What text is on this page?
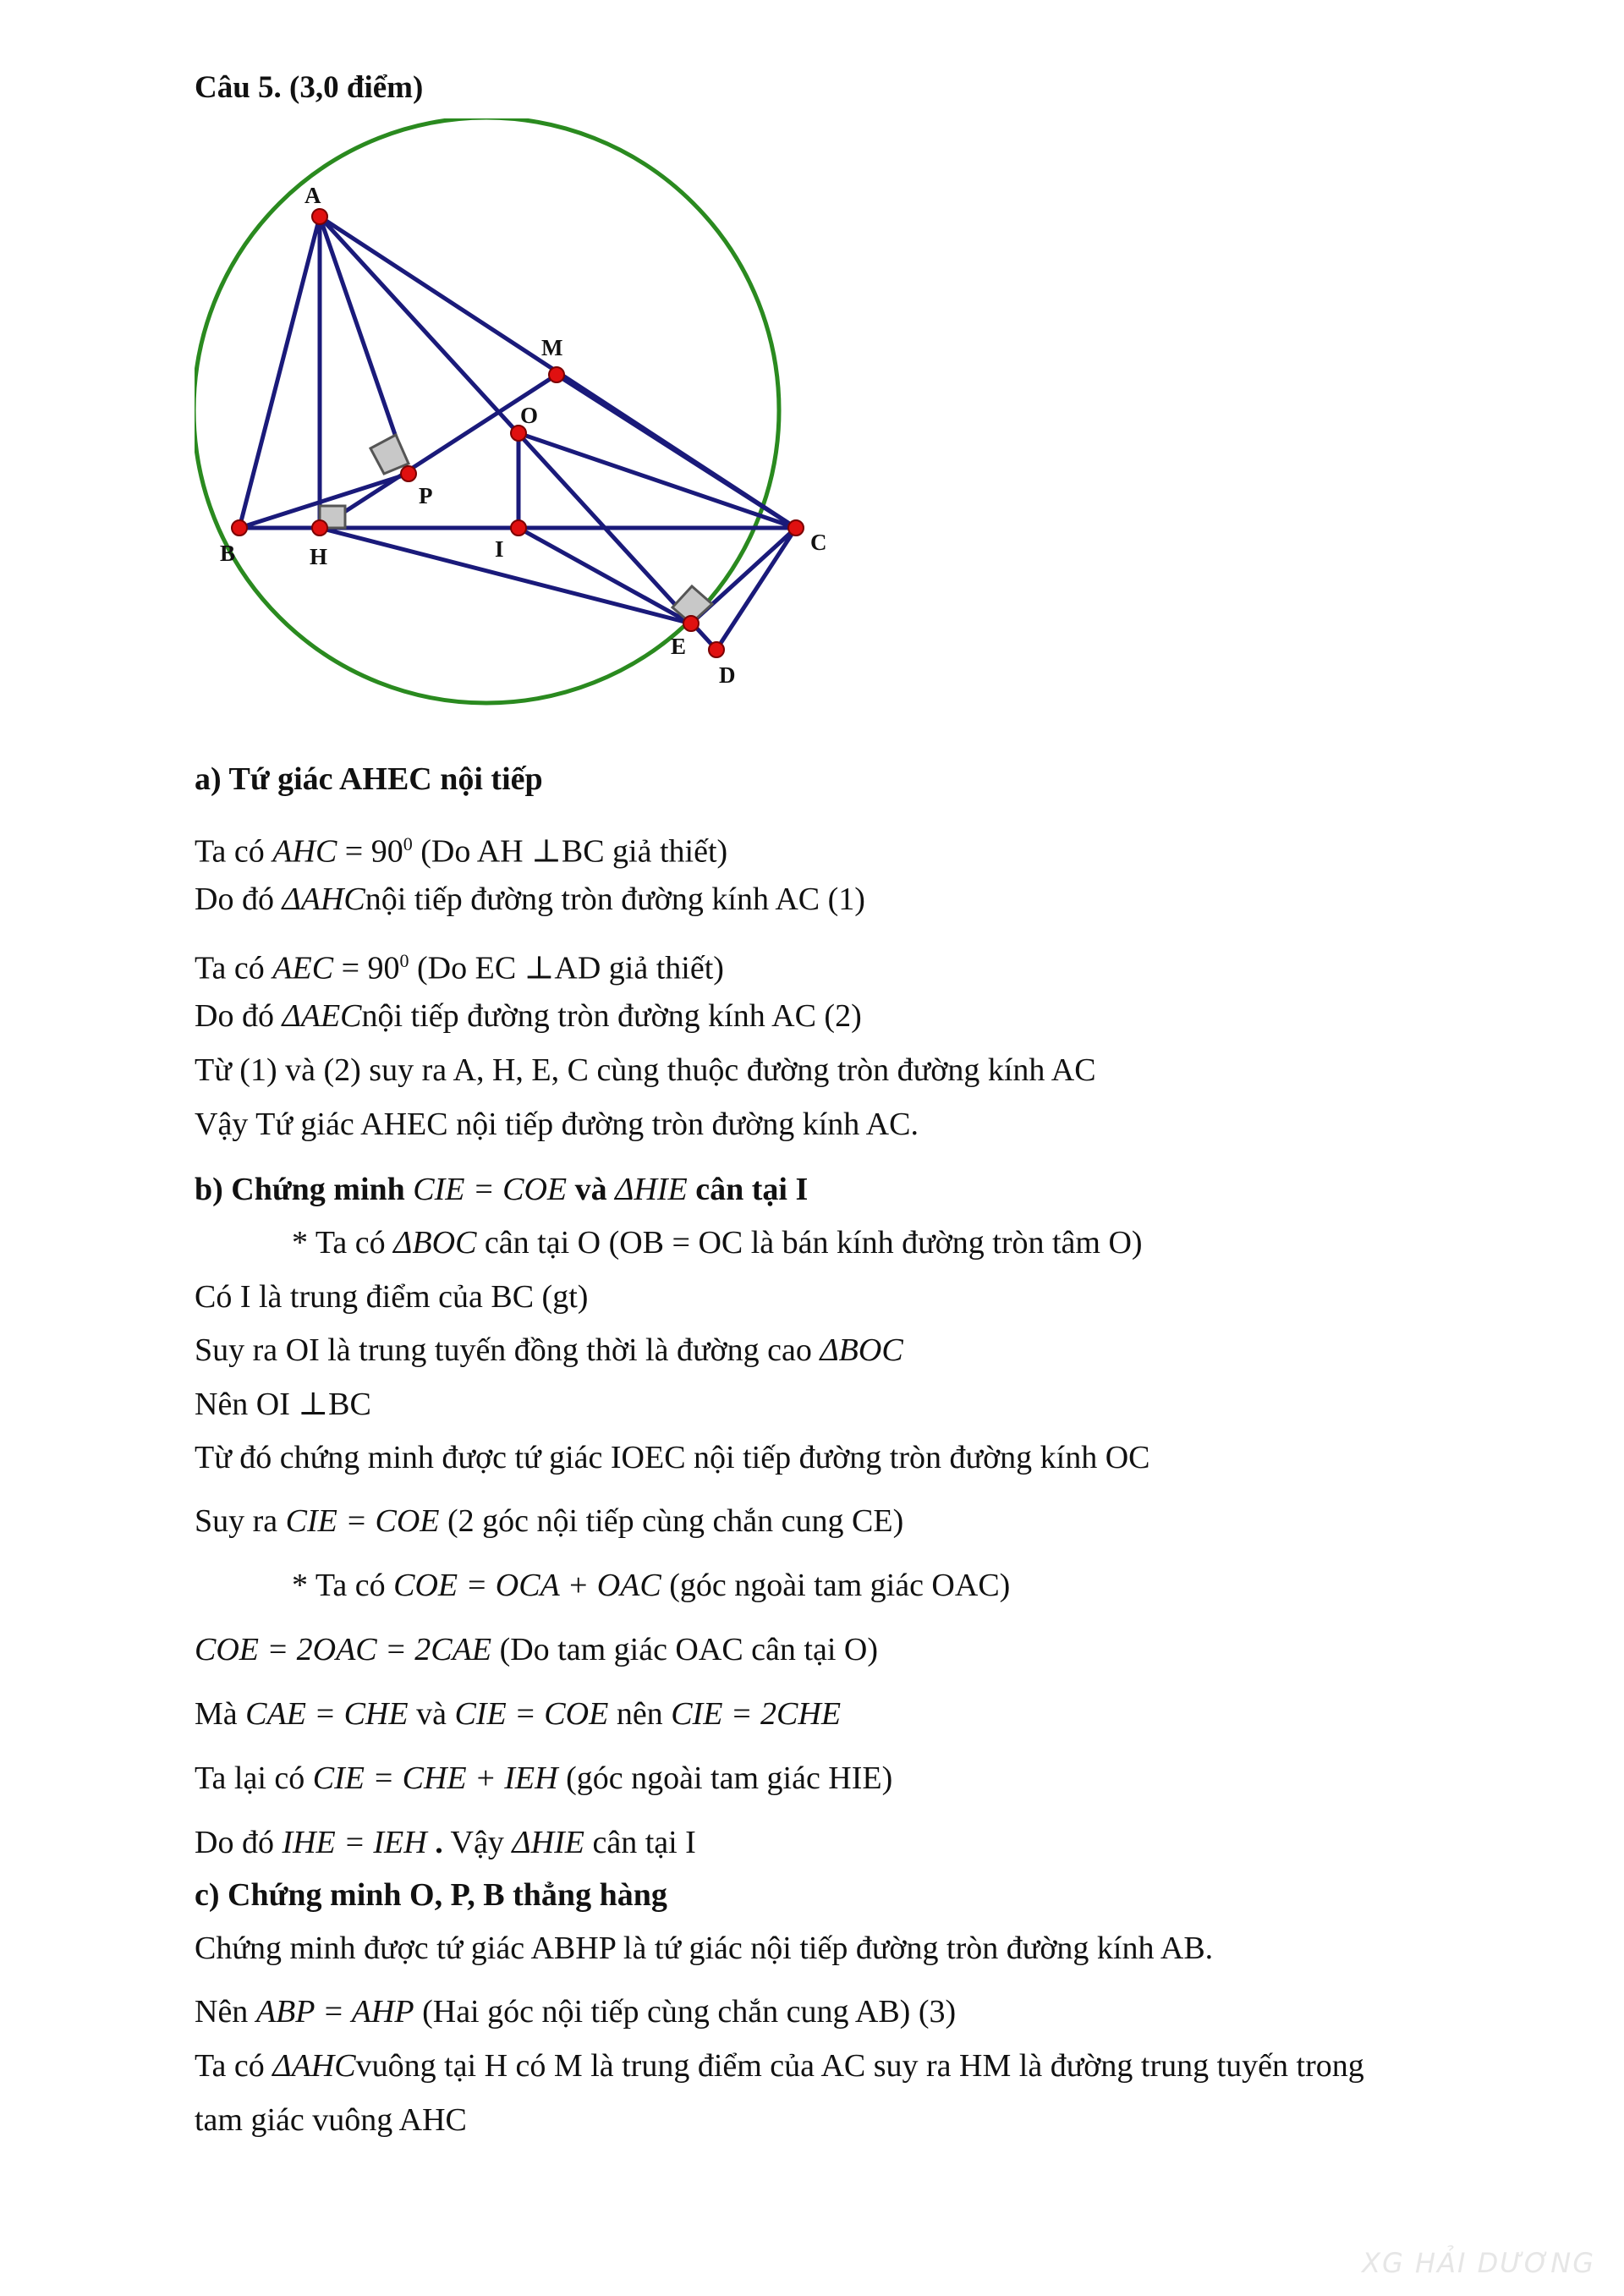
Câu 5. (3,0 điểm)
A
M
O
P
B	H	I	C
E
D
a) Tứ giác AHEC nội tiếp
Ta có AHC = $90^0$ (Do AH ⊥BC giả thiết)
Do đó ΔAHCnội tiếp đường tròn đường kính AC (1)
Ta có AEC = $90^0$ (Do EC ⊥AD giả thiết)
Do đó ΔAECnội tiếp đường tròn đường kính AC (2)
Từ (1) và (2) suy ra A, H, E, C cùng thuộc đường tròn đường kính AC
Vậy Tứ giác AHEC nội tiếp đường tròn đường kính AC.
b) Chứng minh CIE = COE và ΔHIE cân tại I
* Ta có ΔBOC cân tại O (OB = OC là bán kính đường tròn tâm O)
Có I là trung điểm của BC (gt)
Suy ra OI là trung tuyến đồng thời là đường cao ΔBOC
Nên OI ⊥BC
Từ đó chứng minh được tứ giác IOEC nội tiếp đường tròn đường kính OC
Suy ra CIE = COE (2 góc nội tiếp cùng chắn cung CE)
* Ta có COE = OCA + OAC (góc ngoài tam giác OAC)
COE = 2OAC = 2CAE (Do tam giác OAC cân tại O)
Mà CAE = CHE và CIE = COE nên CIE = 2CHE
Ta lại có CIE = CHE + IEH (góc ngoài tam giác HIE)
Do đó IHE = IEH . Vậy ΔHIE cân tại I
c) Chứng minh O, P, B thẳng hàng
Chứng minh được tứ giác ABHP là tứ giác nội tiếp đường tròn đường kính AB.
Nên ABP = AHP (Hai góc nội tiếp cùng chắn cung AB) (3)
Ta có ΔAHCvuông tại H có M là trung điểm của AC suy ra HM là đường trung tuyến trong
tam giác vuông AHC
XG HẢI DƯƠNG
